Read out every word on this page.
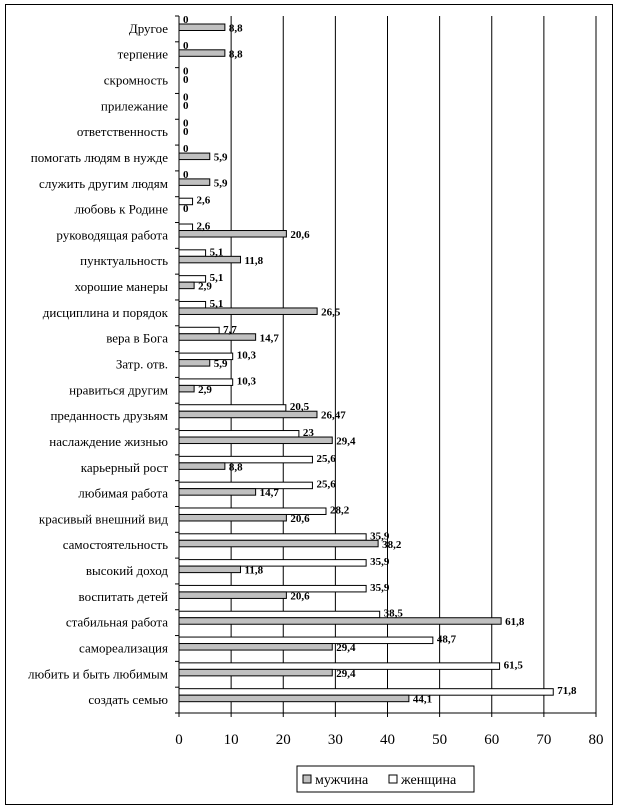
0	10 20 30 40 50 60 70 80
Другое
0
8,8
терпение
0
8,8
скромность
0
0
прилежание
0
0
ответственность
0
0
помогать людям в нужде
0
5,9
служить другим людям
0
5,9
любовь к Родине
2,6
0
руководящая работа
2,6
20,6
пунктуальность
5,1
11,8
хорошие манеры
5,1
2,9
дисциплина и порядок
5,1
26,5
вера в Бога
7,7
14,7
Затр. отв.
10,3
5,9
нравиться другим
10,3
2,9
преданность друзьям
20,5
26,47
наслаждение жизнью
23
29,4
карьерный рост
25,6
8,8
любимая работа
25,6
14,7
красивый внешний вид
28,2
20,6
самостоятельность
35,9
38,2
высокий доход
35,9
11,8
воспитать детей
35,9
20,6
стабильная работа
38,5
61,8
самореализация
48,7
29,4
любить и быть любимым
61,5
29,4
создать семью
71,8
44,1
мужчина женщина
